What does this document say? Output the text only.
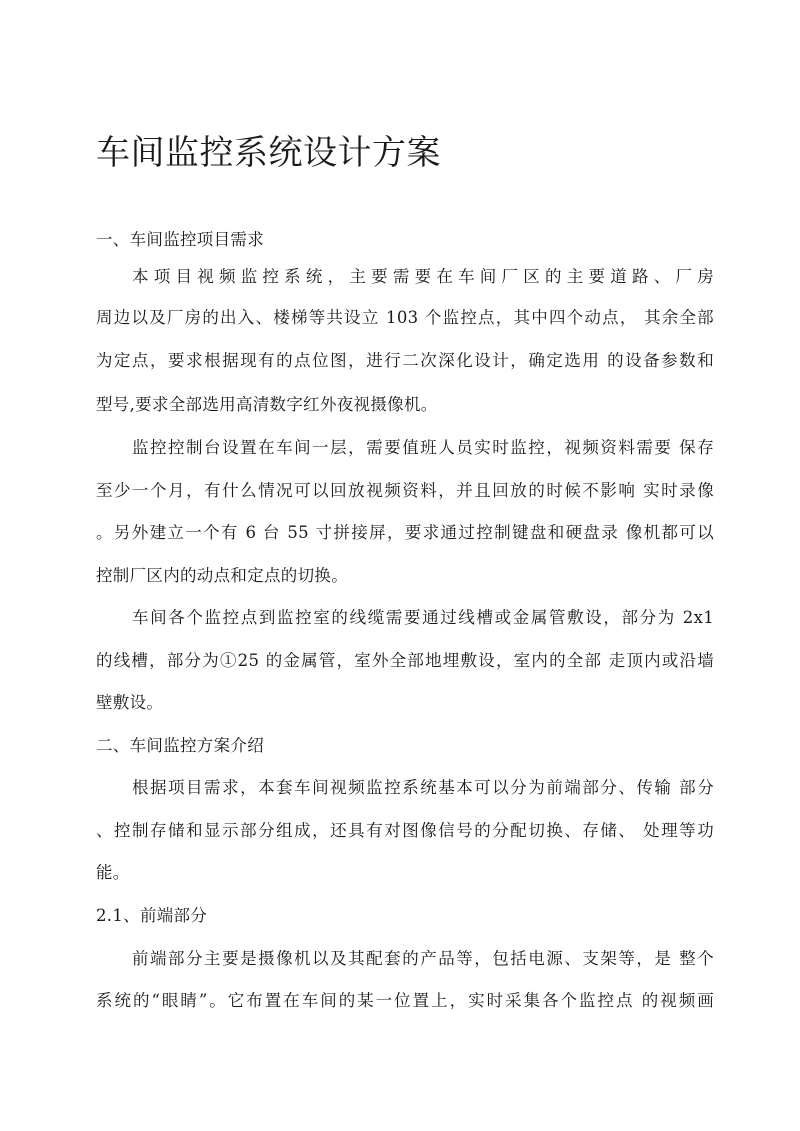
车间监控系统设计方案
一、车间监控项目需求
本项目视频监控系统，主要需要在车间厂区的主要道路、厂房
周边以及厂房的出入、楼梯等共设立 103 个监控点，其中四个动点， 其余全部
为定点，要求根据现有的点位图，进行二次深化设计，确定选用 的设备参数和
型号,要求全部选用高清数字红外夜视摄像机。
监控控制台设置在车间一层，需要值班人员实时监控，视频资料需要 保存
至少一个月，有什么情况可以回放视频资料，并且回放的时候不影响 实时录像
。另外建立一个有 6 台 55 寸拼接屏，要求通过控制键盘和硬盘录 像机都可以
控制厂区内的动点和定点的切换。
车间各个监控点到监控室的线缆需要通过线槽或金属管敷设，部分为 2x1
的线槽，部分为①25 的金属管，室外全部地埋敷设，室内的全部 走顶内或沿墙
壁敷设。
二、车间监控方案介绍
根据项目需求，本套车间视频监控系统基本可以分为前端部分、传输 部分
、控制存储和显示部分组成，还具有对图像信号的分配切换、存储、 处理等功
能。
2.1、前端部分
前端部分主要是摄像机以及其配套的产品等，包括电源、支架等，是 整个
系统的“眼睛”。它布置在车间的某一位置上，实时采集各个监控点 的视频画
